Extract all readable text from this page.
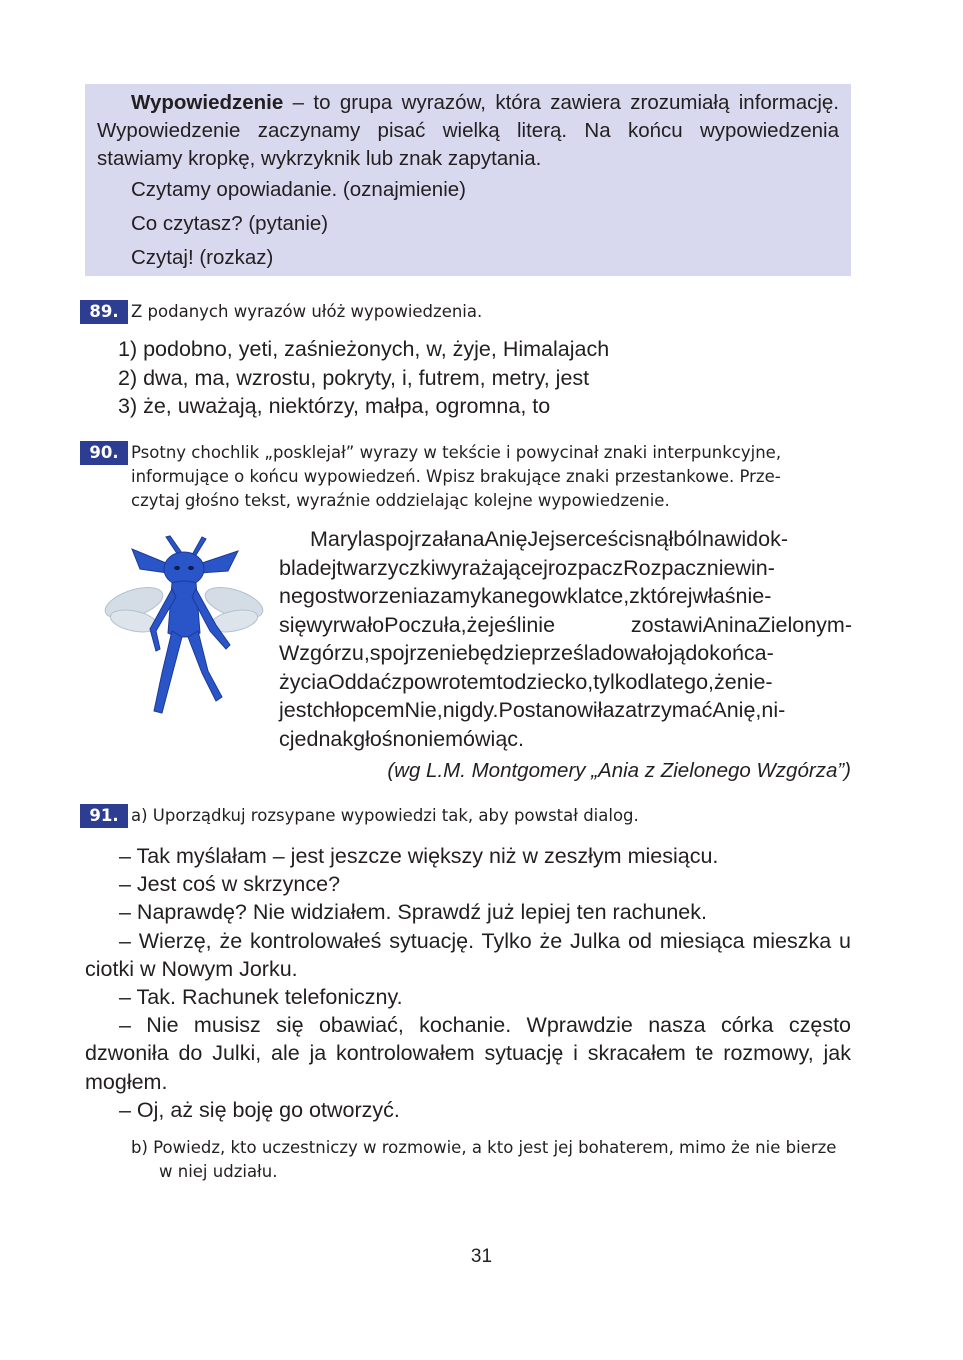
Wypowiedzenie – to grupa wyrazów, która zawiera zrozumiałą informację. Wypowiedzenie zaczynamy pisać wielką literą. Na końcu wypowiedzenia stawiamy kropkę, wykrzyknik lub znak zapytania.

Czytamy opowiadanie. (oznajmienie)

Co czytasz? (pytanie)

Czytaj! (rozkaz)

89. Z podanych wyrazów ułóż wypowiedzenia.
1) podobno, yeti, zaśnieżonych, w, żyje, Himalajach
2) dwa, ma, wzrostu, pokryty, i, futrem, metry, jest
3) że, uważają, niektórzy, małpa, ogromna, to
90. Psotny chochlik „posklejał” wyrazy w tekście i powycinał znaki interpunkcyjne,
informujące o końcu wypowiedzeń. Wpisz brakujące znaki przestankowe. Prze-
czytaj głośno tekst, wyraźnie oddzielając kolejne wypowiedzenie.
MarylaspojrzałanaAnięJejserceścisnąłbólnawidok-
bladejtwarzyczkiwyrażającejrozpaczRozpaczniewin-
negostworzeniazamykanegowklatce,zktórejwłaśnie-
sięwyrwałoPoczuła,żejeślinie zostawiAninaZielonym-
Wzgórzu,spojrzeniebędzieprześladowałojądokońca-
życiaOddaćzpowrotemtodziecko,tylkodlatego,żenie-
jestchłopcemNie,nigdy.PostanowiłazatrzymaćAnię,ni-
cjednakgłośnoniemówiąc.
(wg L.M. Montgomery „Ania z Zielonego Wzgórza”)
91. a) Uporządkuj rozsypane wypowiedzi tak, aby powstał dialog.

– Tak myślałam – jest jeszcze większy niż w zeszłym miesiącu.

– Jest coś w skrzynce?

– Naprawdę? Nie widziałem. Sprawdź już lepiej ten rachunek.

– Wierzę, że kontrolowałeś sytuację. Tylko że Julka od miesiąca mieszka u ciotki w Nowym Jorku.

– Tak. Rachunek telefoniczny.

– Nie musisz się obawiać, kochanie. Wprawdzie nasza córka często dzwoniła do Julki, ale ja kontrolowałem sytuację i skracałem te rozmowy, jak mogłem.

– Oj, aż się boję go otworzyć.

b) Powiedz, kto uczestniczy w rozmowie, a kto jest jej bohaterem, mimo że nie bierze w niej udziału.
31
